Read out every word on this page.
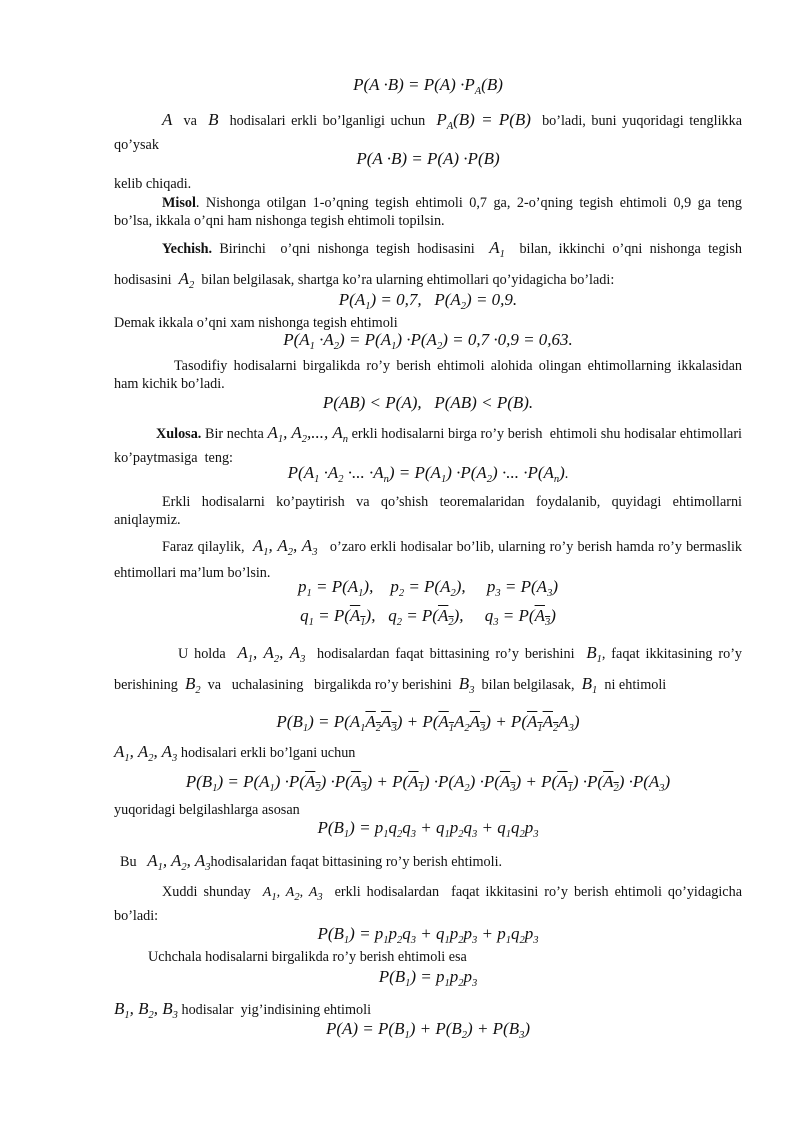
$P(A \cdot B) = P(A) \cdot P_A(B)$
A  va  B  hodisalari erkli bo’lganligi uchun  $P_A(B) = P(B)$  bo’ladi, buni yuqoridagi tenglikka qo’ysak
P(A ·B) = P(A) ·P(B)
kelib chiqadi.
Misol. Nishonga otilgan 1-o’qning tegish ehtimoli 0,7 ga, 2-o’qning tegish ehtimoli 0,9 ga teng bo’lsa, ikkala o’qni ham nishonga tegish ehtimoli topilsin.
Yechish. Birinchi  o’qni nishonga tegish hodisasini  $A_1$  bilan, ikkinchi o’qni nishonga tegish hodisasini  $A_2$  bilan belgilasak, shartga ko’ra ularning ehtimollari qo’yidagicha bo’ladi:
$P(A_1) = 0,7$,   $P(A_2) = 0,9$.
Demak ikkala o’qni xam nishonga tegish ehtimoli
$P(A_1 \cdot A_2) = P(A_1) \cdot P(A_2) = 0,7 \cdot 0,9 = 0,63$.
Tasodifiy hodisalarni birgalikda ro’y berish ehtimoli alohida olingan ehtimollarning ikkalasidan ham kichik bo’ladi.
P(AB) < P(A),   P(AB) < P(B).
Xulosa. Bir nechta $A_1$, $A_2$,..., $A_n$ erkli hodisalarni birga ro’y berish  ehtimoli shu hodisalar ehtimollari ko’paytmasiga  teng:
$P(A_1 \cdot A_2$ ·... $\cdot A_n) = P(A_1) \cdot P(A_2)$ ·... $\cdot P(A_n)$.
Erkli hodisalarni ko’paytirish va qo’shish teoremalaridan foydalanib, quyidagi ehtimollarni aniqlaymiz.
Faraz qilaylik,  $A_1$, $A_2$, $A_3$   o’zaro erkli hodisalar bo’lib, ularning ro’y berish hamda ro’y bermaslik ehtimollari ma’lum bo’lsin.
$p_1 = P(A_1)$,    $p_2 = P(A_2)$,     $p_3 = P(A_3)$
$q_1 = P(A_1)$,   $q_2 = P(A_2)$,     $q_3 = P(A_3)$
U holda  $A_1$, $A_2$, $A_3$  hodisalardan faqat bittasining ro’y berishini  $B_1$, faqat ikkitasining ro’y berishining  $B_2$  va   uchalasining   birgalikda ro’y berishini  $B_3$  bilan belgilasak,  $B_1$  ni ehtimoli
$P(B_1) = P(A_1A_2A_3) + P(A_1A_2A_3) + P(A_1A_2A_3)$
$A_1$, $A_2$, $A_3$ hodisalari erkli bo’lgani uchun
$P(B_1) = P(A_1) \cdot P(A_2) \cdot P(A_3) + P(A_1) \cdot P(A_2) \cdot P(A_3) + P(A_1) \cdot P(A_2) \cdot P(A_3)$
yuqoridagi belgilashlarga asosan
$P(B_1) = p_1q_2q_3 + q_1p_2q_3 + q_1q_2p_3$
Bu   $A_1$, $A_2$, $A_3hodisalaridan$ faqat bittasining ro’y berish ehtimoli.
Xuddi shunday  $A_1$, $A_2$, $A_3$  erkli hodisalardan  faqat ikkitasini ro’y berish ehtimoli qo’yidagicha bo’ladi:
$P(B_1) = p_1p_2q_3 + q_1p_2p_3 + p_1q_2p_3$
Uchchala hodisalarni birgalikda ro’y berish ehtimoli esa
$P(B_1) = p_1p_2p_3$
$B_1$, $B_2$, $B_3$ hodisalar  yig’indisining ehtimoli
$P(A) = P(B_1) + P(B_2) + P(B_3)$
